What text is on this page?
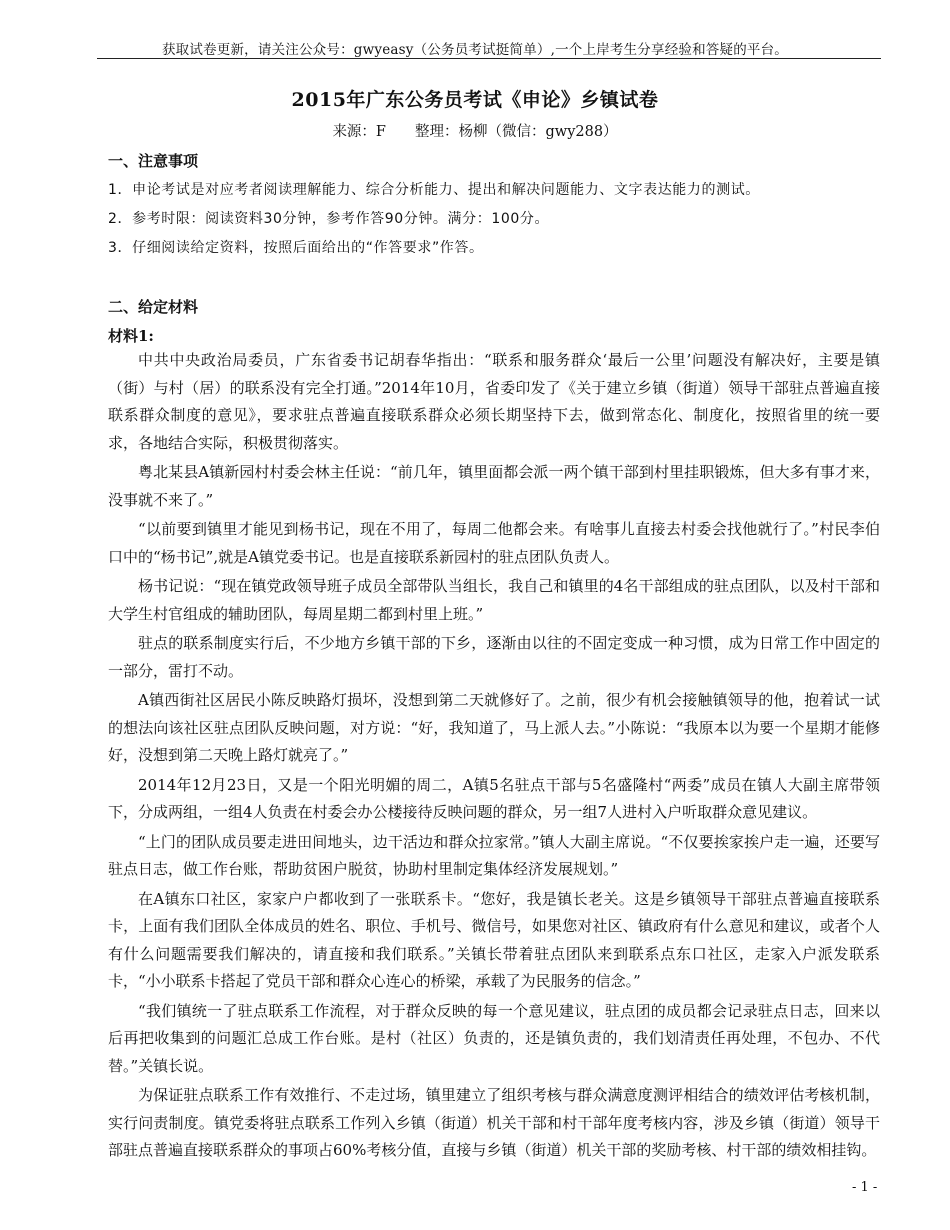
获取试卷更新，请关注公众号：gwyeasy（公务员考试挺简单）,一个上岸考生分享经验和答疑的平台。
2015年广东公务员考试《申论》乡镇试卷
来源：F　　整理：杨柳（微信：gwy288）
一、注意事项
1．申论考试是对应考者阅读理解能力、综合分析能力、提出和解决问题能力、文字表达能力的测试。
2．参考时限：阅读资料30分钟，参考作答90分钟。满分：100分。
3．仔细阅读给定资料，按照后面给出的“作答要求”作答。
二、给定材料
材料1:

中共中央政治局委员，广东省委书记胡春华指出：“联系和服务群众‘最后一公里’问题没有解决好，主要是镇（街）与村（居）的联系没有完全打通。”2014年10月，省委印发了《关于建立乡镇（街道）领导干部驻点普遍直接联系群众制度的意见》，要求驻点普遍直接联系群众必须长期坚持下去，做到常态化、制度化，按照省里的统一要求，各地结合实际，积极贯彻落实。

粤北某县A镇新园村村委会林主任说：“前几年，镇里面都会派一两个镇干部到村里挂职锻炼，但大多有事才来，没事就不来了。”

“以前要到镇里才能见到杨书记，现在不用了，每周二他都会来。有啥事儿直接去村委会找他就行了。”村民李伯口中的“杨书记”,就是A镇党委书记。也是直接联系新园村的驻点团队负责人。

杨书记说：“现在镇党政领导班子成员全部带队当组长，我自己和镇里的4名干部组成的驻点团队，以及村干部和大学生村官组成的辅助团队，每周星期二都到村里上班。”

驻点的联系制度实行后，不少地方乡镇干部的下乡，逐渐由以往的不固定变成一种习惯，成为日常工作中固定的一部分，雷打不动。

A镇西街社区居民小陈反映路灯损坏，没想到第二天就修好了。之前，很少有机会接触镇领导的他，抱着试一试的想法向该社区驻点团队反映问题，对方说：“好，我知道了，马上派人去。”小陈说：“我原本以为要一个星期才能修好，没想到第二天晚上路灯就亮了。”

2014年12月23日，又是一个阳光明媚的周二，A镇5名驻点干部与5名盛隆村“两委”成员在镇人大副主席带领下，分成两组，一组4人负责在村委会办公楼接待反映问题的群众，另一组7人进村入户听取群众意见建议。

“上门的团队成员要走进田间地头，边干活边和群众拉家常。”镇人大副主席说。“不仅要挨家挨户走一遍，还要写驻点日志，做工作台账，帮助贫困户脱贫，协助村里制定集体经济发展规划。”

在A镇东口社区，家家户户都收到了一张联系卡。“您好，我是镇长老关。这是乡镇领导干部驻点普遍直接联系卡，上面有我们团队全体成员的姓名、职位、手机号、微信号，如果您对社区、镇政府有什么意见和建议，或者个人有什么问题需要我们解决的，请直接和我们联系。”关镇长带着驻点团队来到联系点东口社区，走家入户派发联系卡，“小小联系卡搭起了党员干部和群众心连心的桥梁，承载了为民服务的信念。”

“我们镇统一了驻点联系工作流程，对于群众反映的每一个意见建议，驻点团的成员都会记录驻点日志，回来以后再把收集到的问题汇总成工作台账。是村（社区）负责的，还是镇负责的，我们划清责任再处理，不包办、不代替。”关镇长说。

为保证驻点联系工作有效推行、不走过场，镇里建立了组织考核与群众满意度测评相结合的绩效评估考核机制，实行问责制度。镇党委将驻点联系工作列入乡镇（街道）机关干部和村干部年度考核内容，涉及乡镇（街道）领导干部驻点普遍直接联系群众的事项占60%考核分值，直接与乡镇（街道）机关干部的奖励考核、村干部的绩效相挂钩。

- 1 -
